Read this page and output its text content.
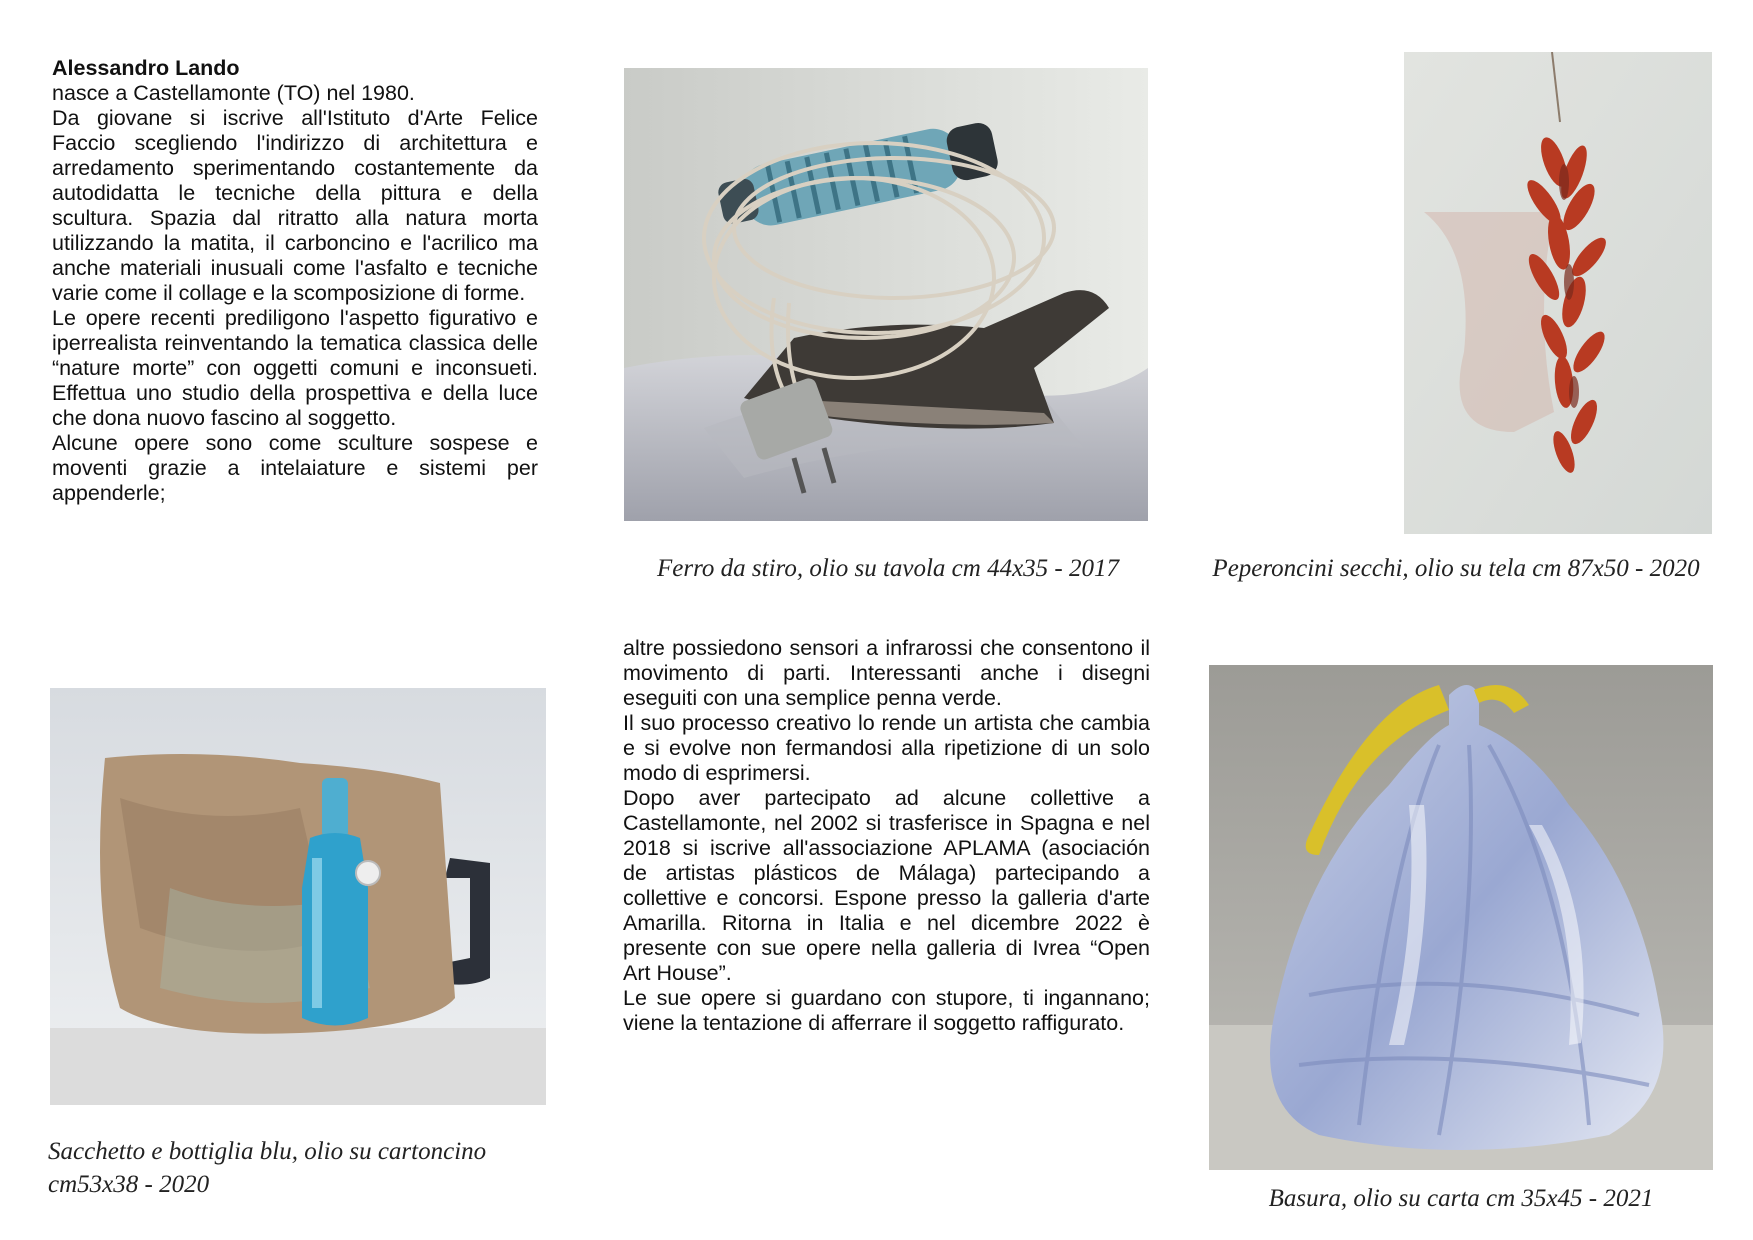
Alessandro Lando

nasce a Castellamonte (TO) nel 1980.

Da giovane si iscrive all'Istituto d'Arte Felice Faccio scegliendo l'indirizzo di architettura e arredamento sperimentando costantemente da autodidatta le tecniche della pittura e della scultura. Spazia dal ritratto alla natura morta utilizzando la matita, il carboncino e l'acrilico ma anche materiali inusuali come l'asfalto e tecniche varie come il collage e la scomposizione di forme.

Le opere recenti prediligono l'aspetto figurativo e iperrealista reinventando la tematica classica delle “nature morte” con oggetti comuni e inconsueti. Effettua uno studio della prospettiva e della luce che dona nuovo fascino al soggetto.

Alcune opere sono come sculture sospese e moventi grazie a intelaiature e sistemi per appenderle;

altre possiedono sensori a infrarossi che consentono il movimento di parti. Interessanti anche i disegni eseguiti con una semplice penna verde.

Il suo processo creativo lo rende un artista che cambia e si evolve non fermandosi alla ripetizione di un solo modo di esprimersi.

Dopo aver partecipato ad alcune collettive a Castellamonte, nel 2002 si trasferisce in Spagna e nel 2018 si iscrive all'associazione APLAMA (asociación de artistas plásticos de Málaga) partecipando a collettive e concorsi. Espone presso la galleria d'arte Amarilla. Ritorna in Italia e nel dicembre 2022 è presente con sue opere nella galleria di Ivrea “Open Art House”.

Le sue opere si guardano con stupore, ti ingannano; viene la tentazione di afferrare il soggetto raffigurato.

Ferro da stiro, olio su tavola cm 44x35 - 2017	Peperoncini secchi, olio su tela cm 87x50 - 2020
Sacchetto e bottiglia blu, olio su cartoncino
cm53x38 - 2020
Basura, olio su carta cm 35x45 - 2021
